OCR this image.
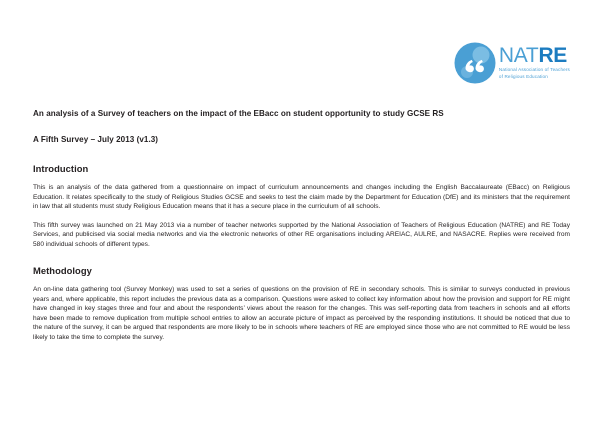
NATRE
National Association of Teachers
of Religious Education
An analysis of a Survey of teachers on the impact of the EBacc on student opportunity to study GCSE RS
A Fifth Survey – July 2013 (v1.3)
Introduction

This is an analysis of the data gathered from a questionnaire on impact of curriculum announcements and changes including the English Baccalaureate (EBacc) on Religious Education. It relates specifically to the study of Religious Studies GCSE and seeks to test the claim made by the Department for Education (DfE) and its ministers that the requirement in law that all students must study Religious Education means that it has a secure place in the curriculum of all schools.

This fifth survey was launched on 21 May 2013 via a number of teacher networks supported by the National Association of Teachers of Religious Education (NATRE) and RE Today Services, and publicised via social media networks and via the electronic networks of other RE organisations including AREIAC, AULRE, and NASACRE. Replies were received from 580 individual schools of different types.

Methodology

An on-line data gathering tool (Survey Monkey) was used to set a series of questions on the provision of RE in secondary schools. This is similar to surveys conducted in previous years and, where applicable, this report includes the previous data as a comparison. Questions were asked to collect key information about how the provision and support for RE might have changed in key stages three and four and about the respondents’ views about the reason for the changes. This was self-reporting data from teachers in schools and all efforts have been made to remove duplication from multiple school entries to allow an accurate picture of impact as perceived by the responding institutions. It should be noticed that due to the nature of the survey, it can be argued that respondents are more likely to be in schools where teachers of RE are employed since those who are not committed to RE would be less likely to take the time to complete the survey.
